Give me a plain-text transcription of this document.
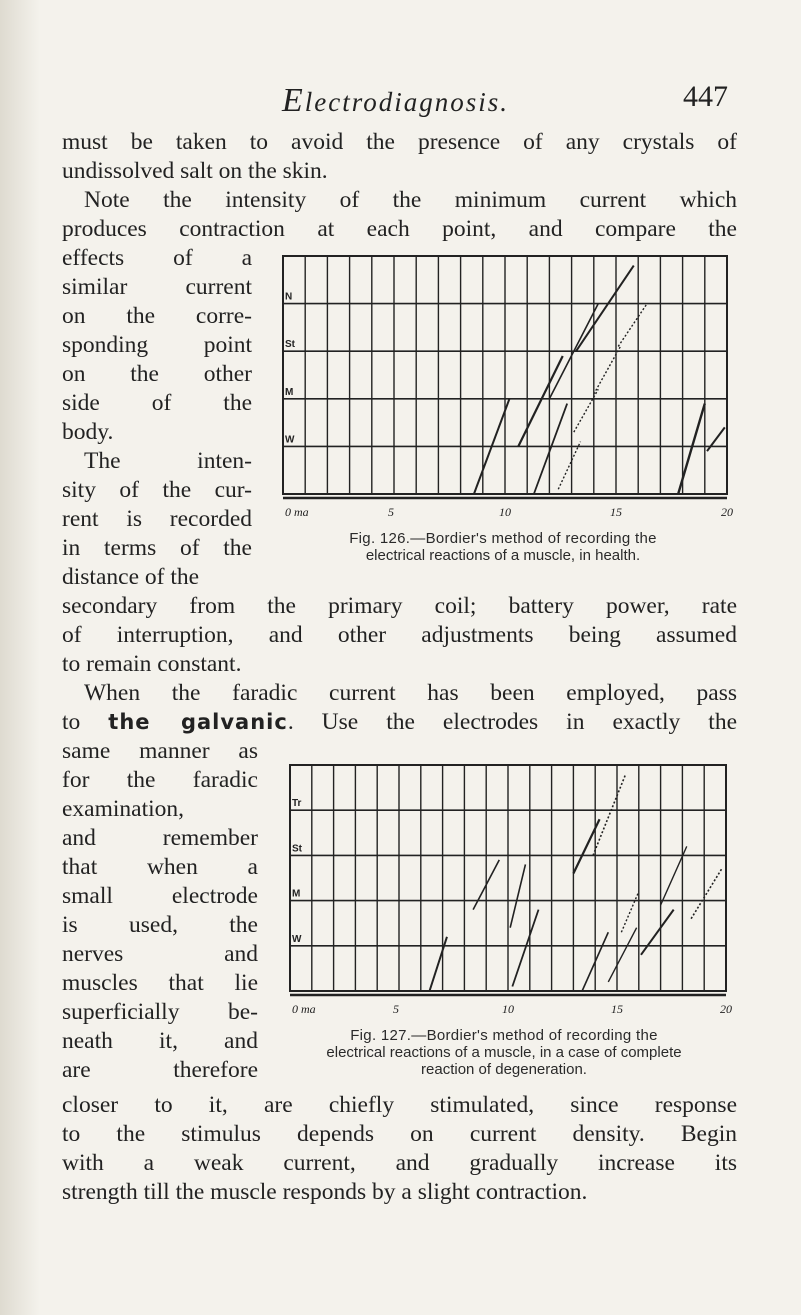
Electrodiagnosis.	447
must be taken to avoid the presence of any crystals of
undissolved salt on the skin.
Note the intensity of the minimum current which
produces contraction at each point, and compare the
effects of a
similar current
on the corre-
sponding point
on the other
side of the
body.
The inten-
sity of the cur-
rent is recorded
in terms of the
distance of the
N
St
M
W
0 ma	5	10	15	20
Fig. 126.—Bordier's method of recording the
electrical reactions of a muscle, in health.
secondary from the primary coil; battery power, rate
of interruption, and other adjustments being assumed
to remain constant.
When the faradic current has been employed, pass
to the galvanic. Use the electrodes in exactly the
same manner as
for the faradic
examination,
and remember
that when a
small electrode
is used, the
nerves and
muscles that lie
superficially be-
neath it, and
are therefore
Tr
St
M
W
0 ma	5	10	15	20
Fig. 127.—Bordier's method of recording the
electrical reactions of a muscle, in a case of complete
reaction of degeneration.
closer to it, are chiefly stimulated, since response
to the stimulus depends on current density. Begin
with a weak current, and gradually increase its
strength till the muscle responds by a slight contraction.
